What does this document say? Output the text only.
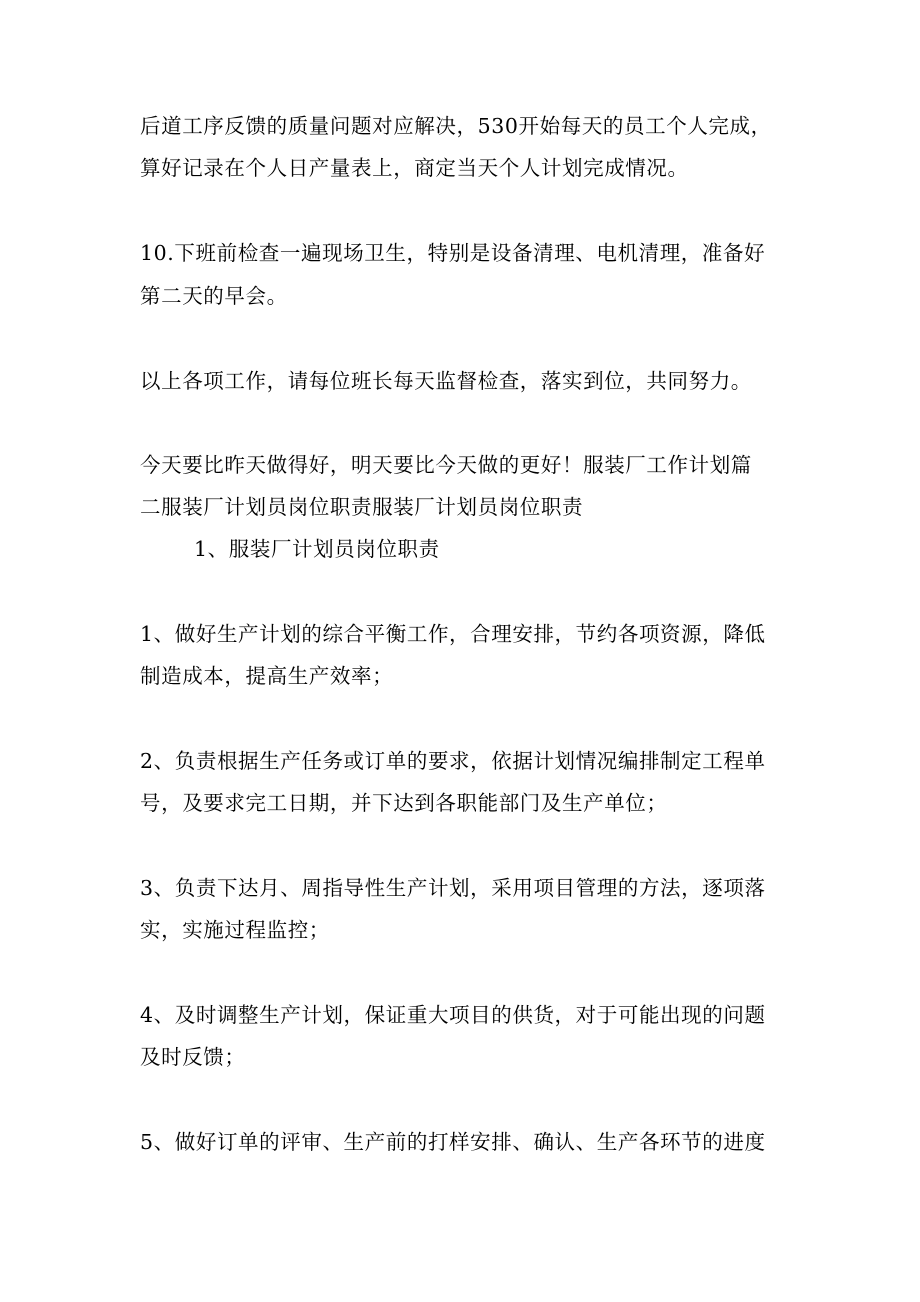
后道工序反馈的质量问题对应解决，530开始每天的员工个人完成，

算好记录在个人日产量表上，商定当天个人计划完成情况。

10.下班前检查一遍现场卫生，特别是设备清理、电机清理，准备好

第二天的早会。

以上各项工作，请每位班长每天监督检查，落实到位，共同努力。

今天要比昨天做得好，明天要比今天做的更好！服装厂工作计划篇

二服装厂计划员岗位职责服装厂计划员岗位职责

1、服装厂计划员岗位职责

1、做好生产计划的综合平衡工作，合理安排，节约各项资源，降低

制造成本，提高生产效率；

2、负责根据生产任务或订单的要求，依据计划情况编排制定工程单

号，及要求完工日期，并下达到各职能部门及生产单位；

3、负责下达月、周指导性生产计划，采用项目管理的方法，逐项落

实，实施过程监控；

4、及时调整生产计划，保证重大项目的供货，对于可能出现的问题

及时反馈；

5、做好订单的评审、生产前的打样安排、确认、生产各环节的进度
